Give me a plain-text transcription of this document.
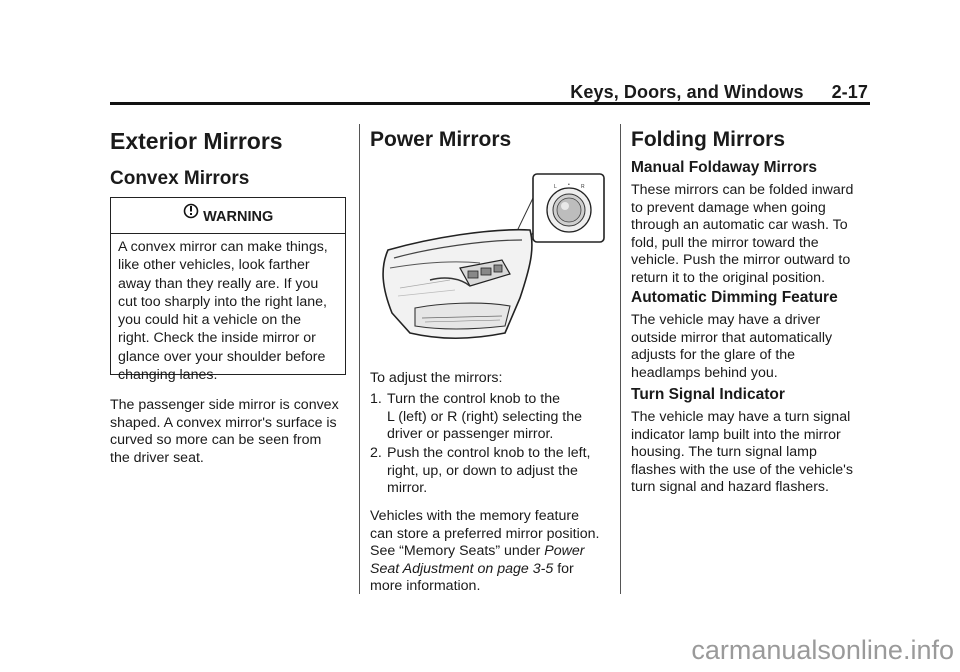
Keys, Doors, and Windows 2-17
Exterior Mirrors
Convex Mirrors
WARNING
A convex mirror can make things,
like other vehicles, look farther
away than they really are. If you
cut too sharply into the right lane,
you could hit a vehicle on the
right. Check the inside mirror or
glance over your shoulder before
changing lanes.
The passenger side mirror is convex
shaped. A convex mirror's surface is
curved so more can be seen from
the driver seat.
Power Mirrors
L • R
To adjust the mirrors:
1. Turn the control knob to the
L (left) or R (right) selecting the
driver or passenger mirror.
2. Push the control knob to the left,
right, up, or down to adjust the
mirror.
Vehicles with the memory feature
can store a preferred mirror position.
See “Memory Seats” under Power
Seat Adjustment on page 3-5 for
more information.
Folding Mirrors
Manual Foldaway Mirrors
These mirrors can be folded inward
to prevent damage when going
through an automatic car wash. To
fold, pull the mirror toward the
vehicle. Push the mirror outward to
return it to the original position.
Automatic Dimming Feature
The vehicle may have a driver
outside mirror that automatically
adjusts for the glare of the
headlamps behind you.
Turn Signal Indicator
The vehicle may have a turn signal
indicator lamp built into the mirror
housing. The turn signal lamp
flashes with the use of the vehicle's
turn signal and hazard flashers.
carmanualsonline.info
